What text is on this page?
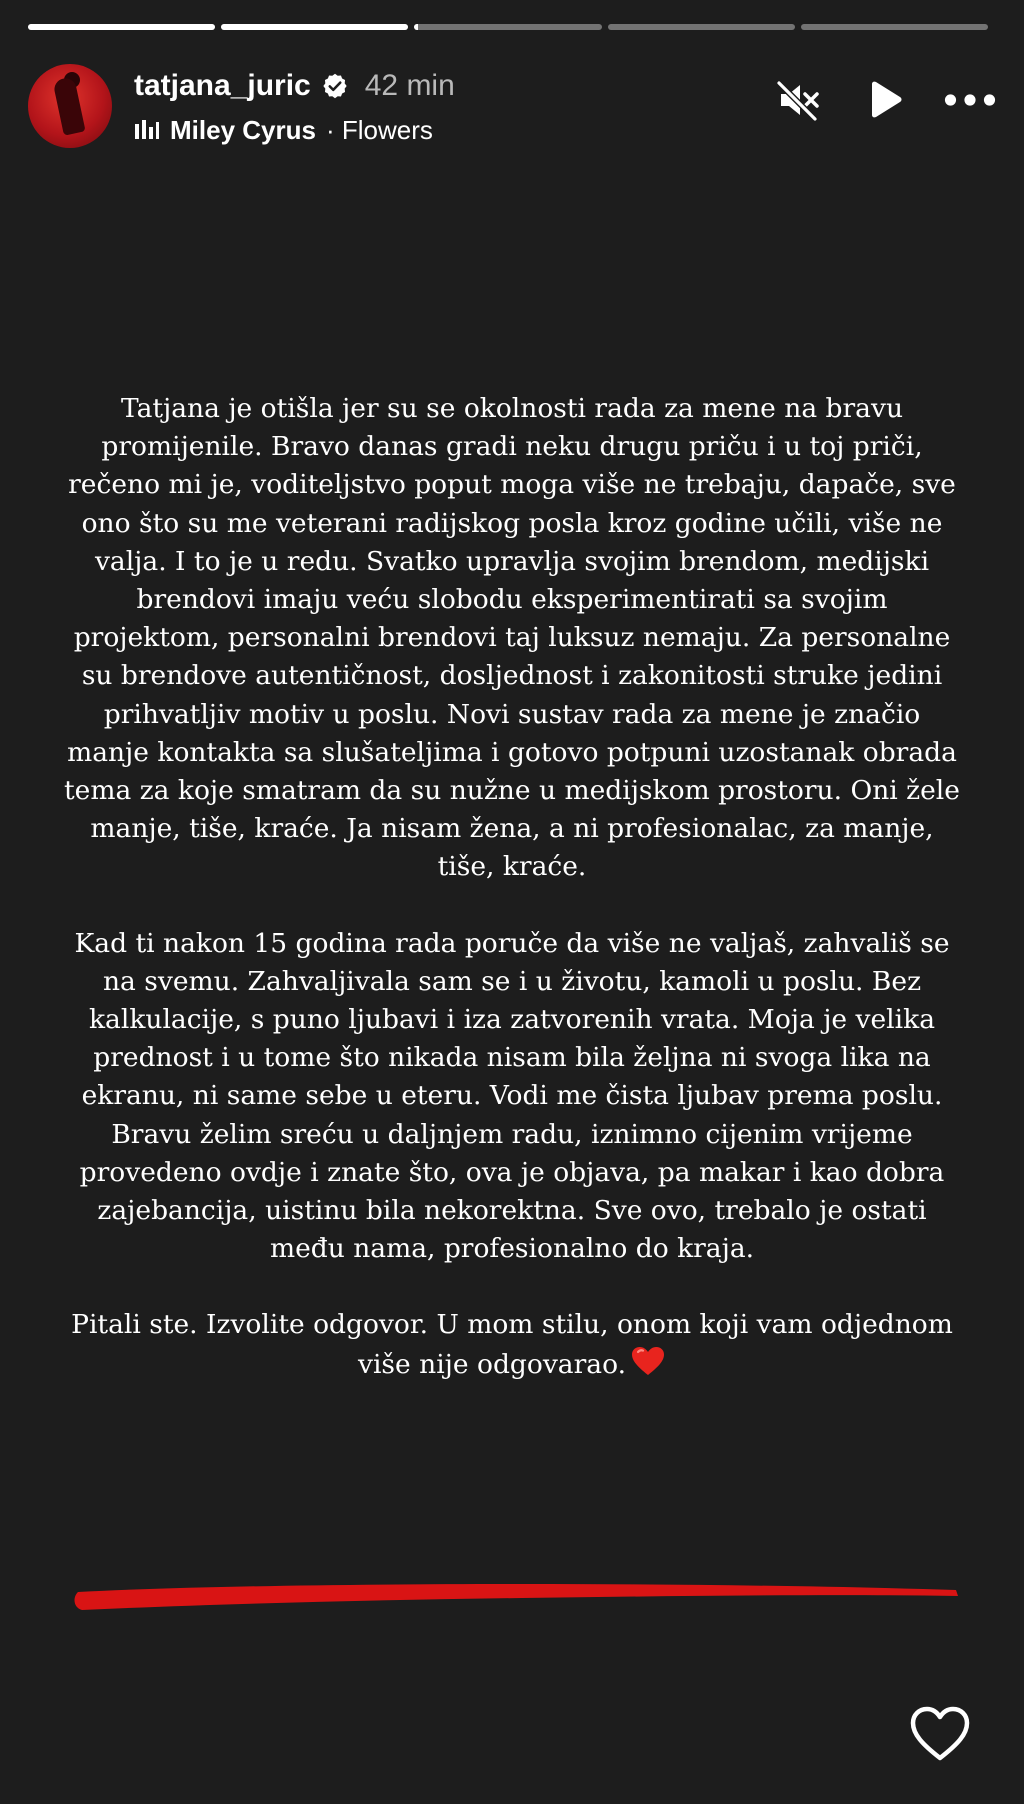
tatjana_juric 42 min
Miley Cyrus · Flowers

Tatjana je otišla jer su se okolnosti rada za mene na bravu promijenile. Bravo danas gradi neku drugu priču i u toj priči, rečeno mi je, voditeljstvo poput moga više ne trebaju, dapače, sve ono što su me veterani radijskog posla kroz godine učili, više ne valja. I to je u redu. Svatko upravlja svojim brendom, medijski brendovi imaju veću slobodu eksperimentirati sa svojim projektom, personalni brendovi taj luksuz nemaju. Za personalne su brendove autentičnost, dosljednost i zakonitosti struke jedini prihvatljiv motiv u poslu. Novi sustav rada za mene je značio manje kontakta sa slušateljima i gotovo potpuni uzostanak obrada tema za koje smatram da su nužne u medijskom prostoru. Oni žele manje, tiše, kraće. Ja nisam žena, a ni profesionalac, za manje, tiše, kraće.

Kad ti nakon 15 godina rada poruče da više ne valjaš, zahvališ se na svemu. Zahvaljivala sam se i u životu, kamoli u poslu. Bez kalkulacije, s puno ljubavi i iza zatvorenih vrata. Moja je velika prednost i u tome što nikada nisam bila željna ni svoga lika na ekranu, ni same sebe u eteru. Vodi me čista ljubav prema poslu. Bravu želim sreću u daljnjem radu, iznimno cijenim vrijeme provedeno ovdje i znate što, ova je objava, pa makar i kao dobra zajebancija, uistinu bila nekorektna. Sve ovo, trebalo je ostati među nama, profesionalno do kraja.

Pitali ste. Izvolite odgovor. U mom stilu, onom koji vam odjednom više nije odgovarao.
